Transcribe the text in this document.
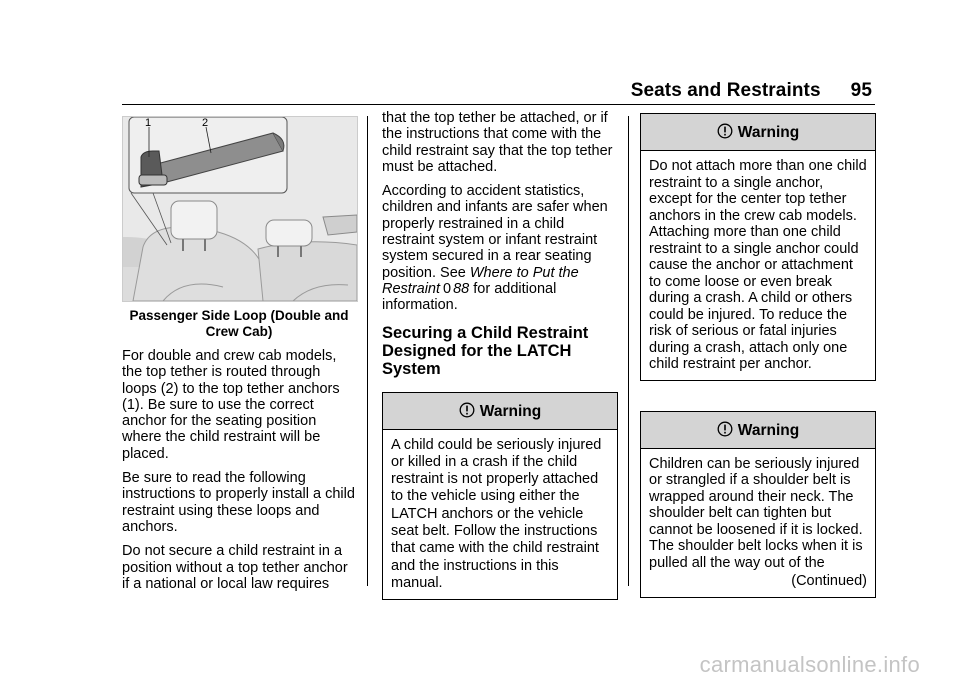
Seats and Restraints 95
1	2
Passenger Side Loop (Double and Crew Cab)

For double and crew cab models, the top tether is routed through loops (2) to the top tether anchors (1). Be sure to use the correct anchor for the seating position where the child restraint will be placed.

Be sure to read the following instructions to properly install a child restraint using these loops and anchors.

Do not secure a child restraint in a position without a top tether anchor if a national or local law requires

that the top tether be attached, or if the instructions that come with the child restraint say that the top tether must be attached.

According to accident statistics, children and infants are safer when properly restrained in a child restraint system or infant restraint system secured in a rear seating position. See Where to Put the Restraint 0 88 for additional information.

Securing a Child Restraint Designed for the LATCH System
Warning
A child could be seriously injured or killed in a crash if the child restraint is not properly attached to the vehicle using either the LATCH anchors or the vehicle seat belt. Follow the instructions that came with the child restraint and the instructions in this manual.
Warning
Do not attach more than one child restraint to a single anchor, except for the center top tether anchors in the crew cab models. Attaching more than one child restraint to a single anchor could cause the anchor or attachment to come loose or even break during a crash. A child or others could be injured. To reduce the risk of serious or fatal injuries during a crash, attach only one child restraint per anchor.
Warning
Children can be seriously injured or strangled if a shoulder belt is wrapped around their neck. The shoulder belt can tighten but cannot be loosened if it is locked. The shoulder belt locks when it is pulled all the way out of the
(Continued)
carmanualsonline.info
